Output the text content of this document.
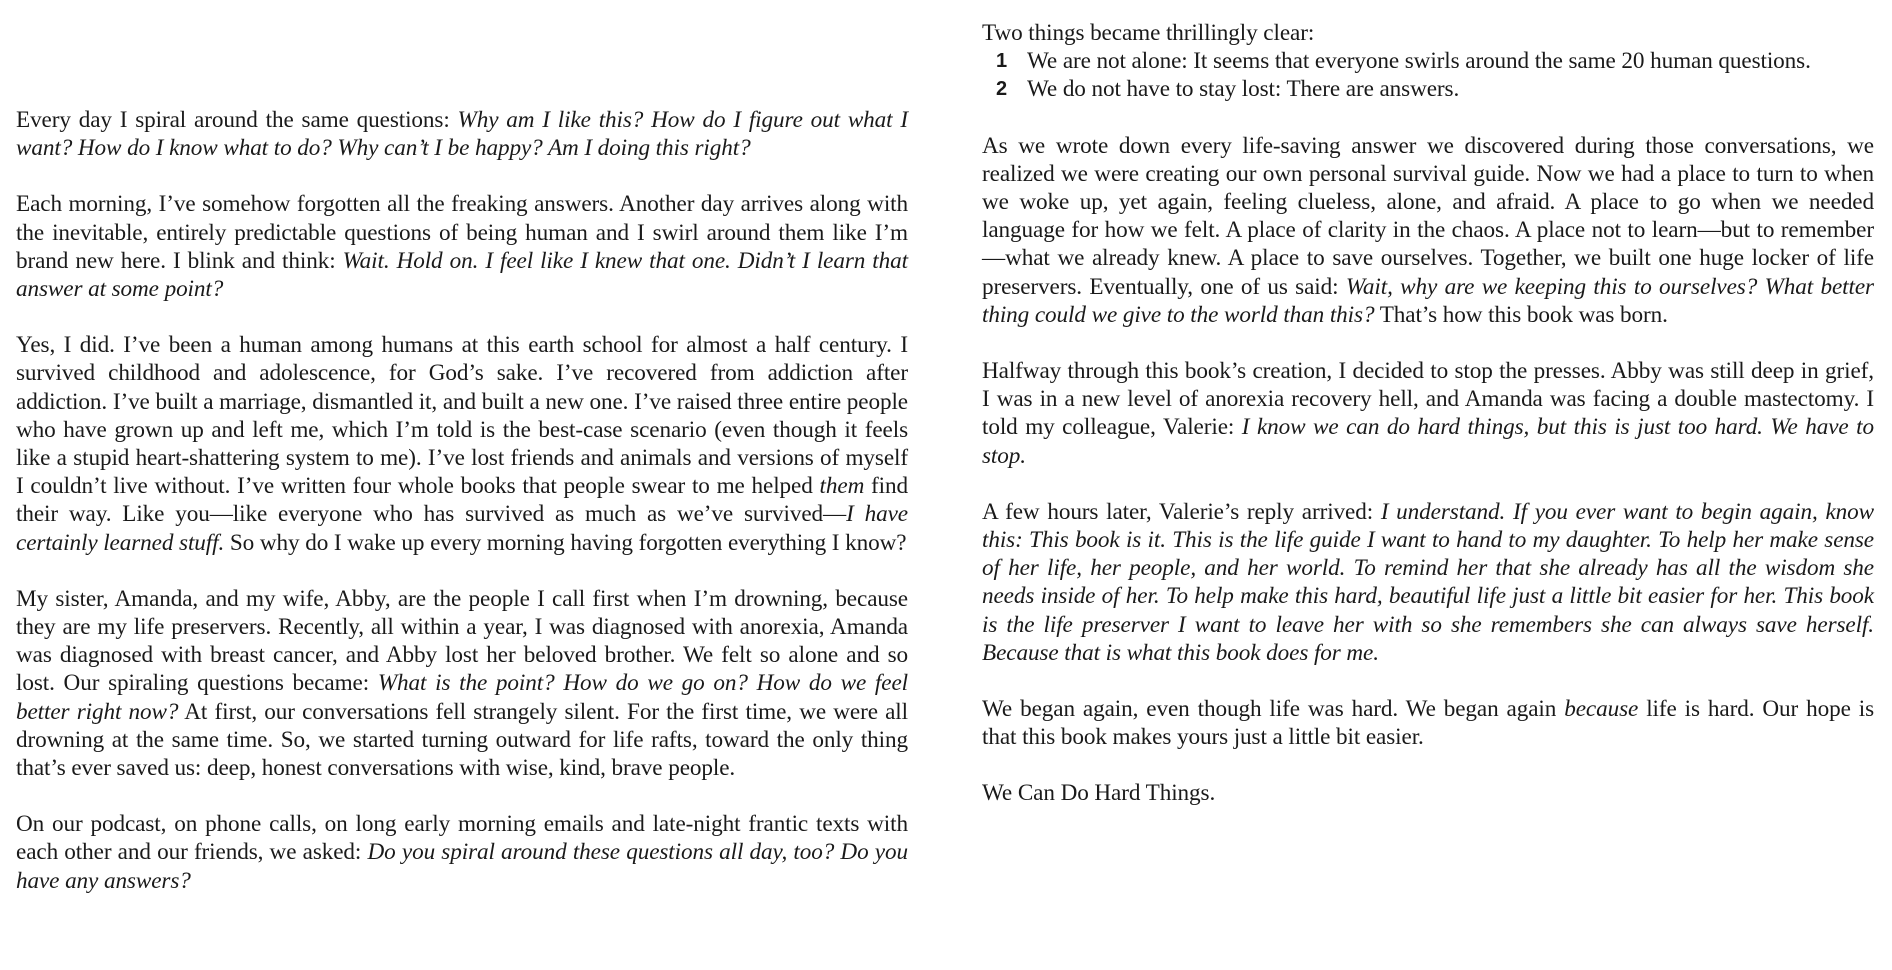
Every day I spiral around the same questions: Why am I like this? How do I figure out what I want? How do I know what to do? Why can’t I be happy? Am I doing this right?

Each morning, I’ve somehow forgotten all the freaking answers. Another day arrives along with the inevitable, entirely predictable questions of being human and I swirl around them like I’m brand new here. I blink and think: Wait. Hold on. I feel like I knew that one. Didn’t I learn that answer at some point?

Yes, I did. I’ve been a human among humans at this earth school for almost a half century. I survived childhood and adolescence, for God’s sake. I’ve recovered from addiction after addiction. I’ve built a marriage, dismantled it, and built a new one. I’ve raised three entire people who have grown up and left me, which I’m told is the best-case scenario (even though it feels like a stupid heart-shattering system to me). I’ve lost friends and animals and versions of myself I couldn’t live without. I’ve written four whole books that people swear to me helped them find their way. Like you—like everyone who has survived as much as we’ve survived—I have certainly learned stuff. So why do I wake up every morning having forgotten everything I know?

My sister, Amanda, and my wife, Abby, are the people I call first when I’m drowning, because they are my life preservers. Recently, all within a year, I was diagnosed with anorexia, Amanda was diagnosed with breast cancer, and Abby lost her beloved brother. We felt so alone and so lost. Our spiraling questions became: What is the point? How do we go on? How do we feel better right now? At first, our conversations fell strangely silent. For the first time, we were all drowning at the same time. So, we started turning outward for life rafts, toward the only thing that’s ever saved us: deep, honest conversations with wise, kind, brave people.

On our podcast, on phone calls, on long early morning emails and late-night frantic texts with each other and our friends, we asked: Do you spiral around these questions all day, too? Do you have any answers?

Two things became thrillingly clear:

1 We are not alone: It seems that everyone swirls around the same 20 human questions.
2 We do not have to stay lost: There are answers.

As we wrote down every life-saving answer we discovered during those conversations, we realized we were creating our own personal survival guide. Now we had a place to turn to when we woke up, yet again, feeling clueless, alone, and afraid. A place to go when we needed language for how we felt. A place of clarity in the chaos. A place not to learn—but to remember—what we already knew. A place to save ourselves. Together, we built one huge locker of life preservers. Eventually, one of us said: Wait, why are we keeping this to ourselves? What better thing could we give to the world than this? That’s how this book was born.

Halfway through this book’s creation, I decided to stop the presses. Abby was still deep in grief, I was in a new level of anorexia recovery hell, and Amanda was facing a double mastectomy. I told my colleague, Valerie: I know we can do hard things, but this is just too hard. We have to stop.

A few hours later, Valerie’s reply arrived: I understand. If you ever want to begin again, know this: This book is it. This is the life guide I want to hand to my daughter. To help her make sense of her life, her people, and her world. To remind her that she already has all the wisdom she needs inside of her. To help make this hard, beautiful life just a little bit easier for her. This book is the life preserver I want to leave her with so she remembers she can always save herself. Because that is what this book does for me.

We began again, even though life was hard. We began again because life is hard. Our hope is that this book makes yours just a little bit easier.

We Can Do Hard Things.
